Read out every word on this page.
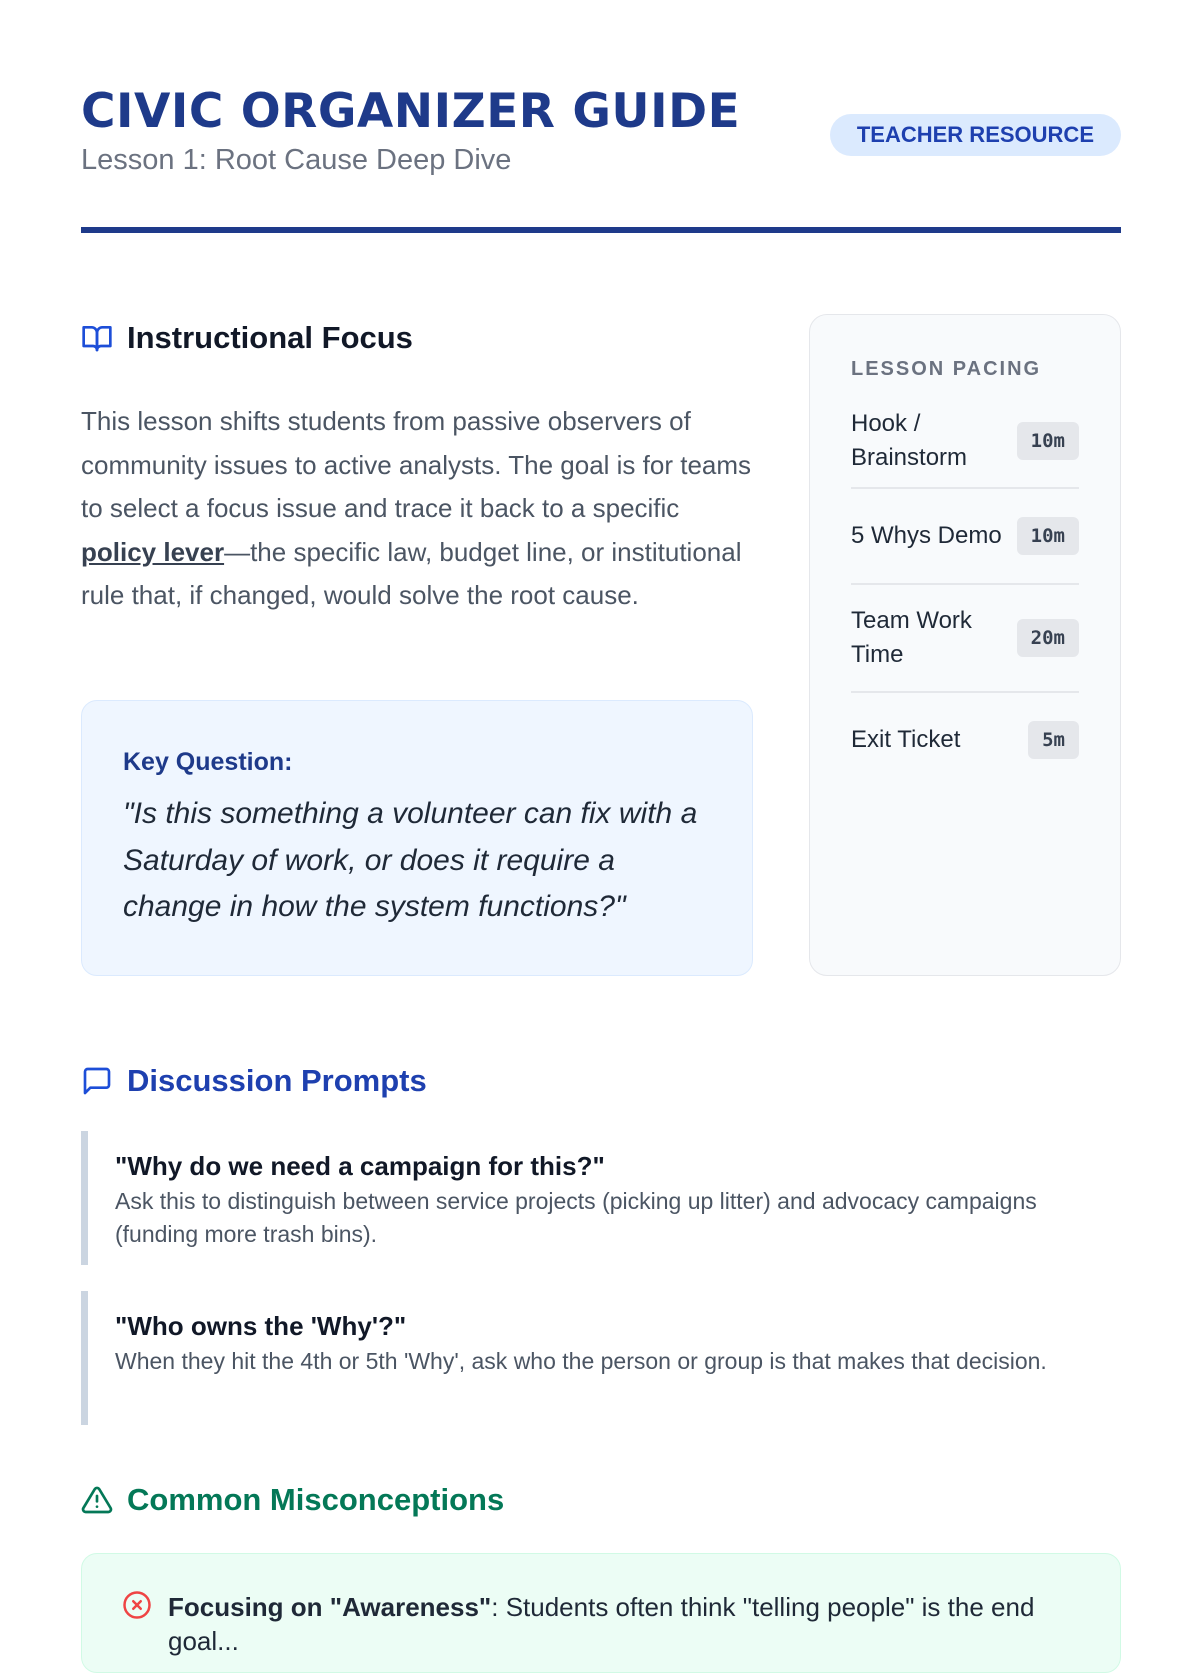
CIVIC ORGANIZER GUIDE
Lesson 1: Root Cause Deep Dive
TEACHER RESOURCE
Instructional Focus

This lesson shifts students from passive observers of community issues to active analysts. The goal is for teams to select a focus issue and trace it back to a specific policy lever—the specific law, budget line, or institutional rule that, if changed, would solve the root cause.

Key Question:
"Is this something a volunteer can fix with a Saturday of work, or does it require a change in how the system functions?"
LESSON PACING
Hook / Brainstorm
10m
5 Whys Demo	10m
Team Work Time
20m
Exit Ticket	5m
Discussion Prompts
"Why do we need a campaign for this?"
Ask this to distinguish between service projects (picking up litter) and advocacy campaigns (funding more trash bins).
"Who owns the 'Why'?"
When they hit the 4th or 5th 'Why', ask who the person or group is that makes that decision.
Common Misconceptions
Focusing on "Awareness": Students often think "telling people" is the end goal...
